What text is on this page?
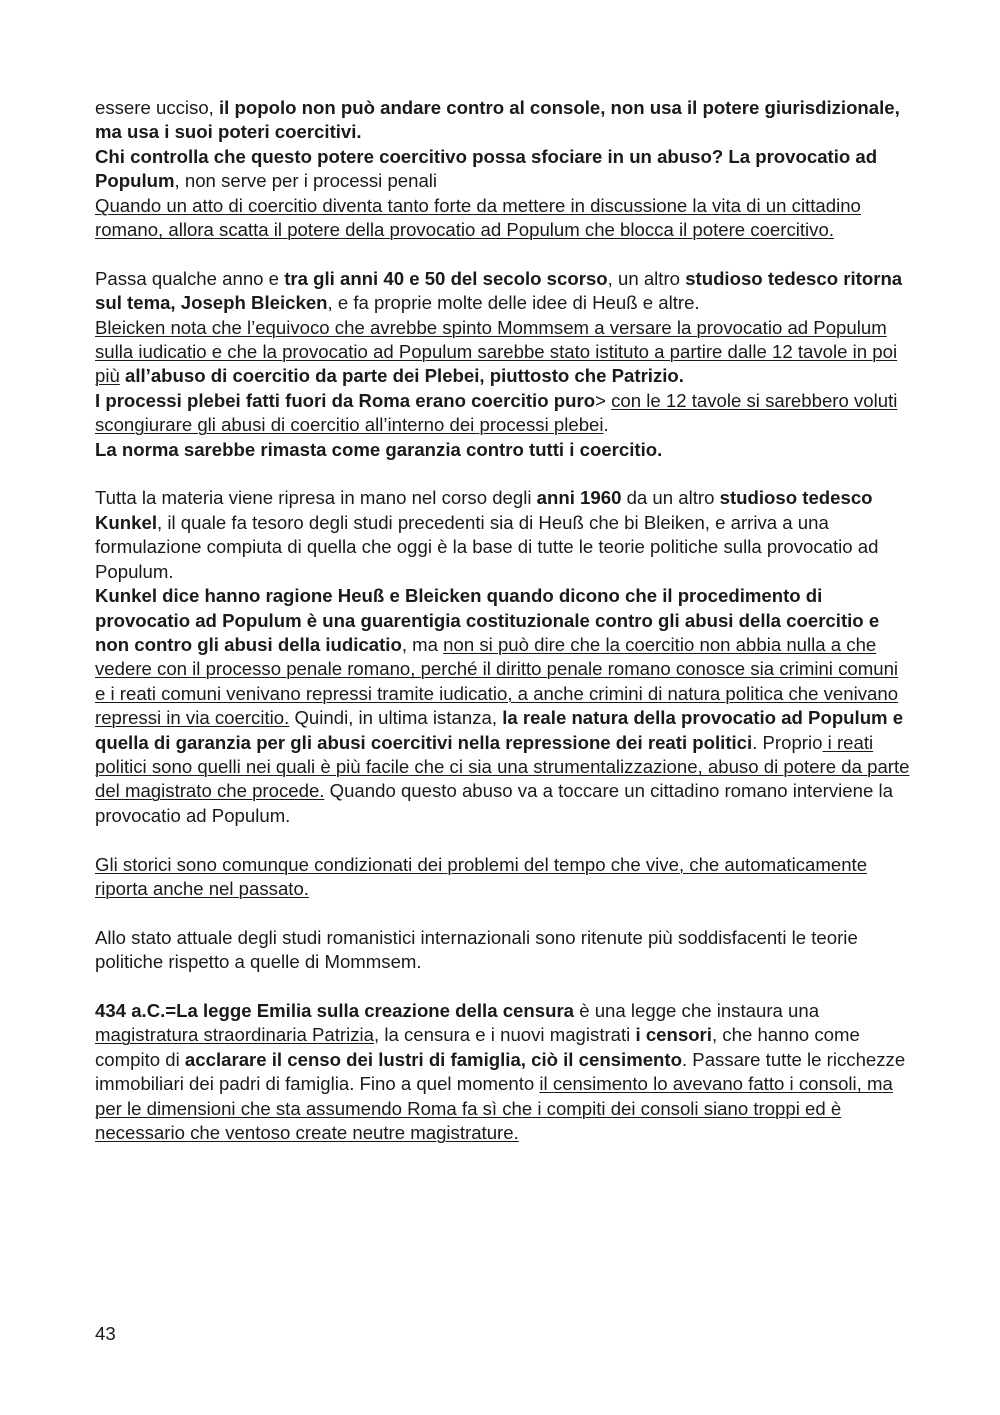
essere ucciso, il popolo non può andare contro al console, non usa il potere giurisdizionale, ma usa i suoi poteri coercitivi.
Chi controlla che questo potere coercitivo possa sfociare in un abuso? La provocatio ad Populum, non serve per i processi penali
Quando un atto di coercitio diventa tanto forte da mettere in discussione la vita di un cittadino romano, allora scatta il potere della provocatio ad Populum che blocca il potere coercitivo.
Passa qualche anno e tra gli anni 40 e 50 del secolo scorso, un altro studioso tedesco ritorna sul tema, Joseph Bleicken, e fa proprie molte delle idee di Heuß e altre.
Bleicken nota che l’equivoco che avrebbe spinto Mommsem a versare la provocatio ad Populum sulla iudicatio e che la provocatio ad Populum sarebbe stato istituto a partire dalle 12 tavole in poi più all’abuso di coercitio da parte dei Plebei, piuttosto che Patrizio.
I processi plebei fatti fuori da Roma erano coercitio puro> con le 12 tavole si sarebbero voluti scongiurare gli abusi di coercitio all’interno dei processi plebei.
La norma sarebbe rimasta come garanzia contro tutti i coercitio.
Tutta la materia viene ripresa in mano nel corso degli anni 1960 da un altro studioso tedesco Kunkel, il quale fa tesoro degli studi precedenti sia di Heuß che bi Bleiken, e arriva a una formulazione compiuta di quella che oggi è la base di tutte le teorie politiche sulla provocatio ad Populum.
Kunkel dice hanno ragione Heuß e Bleicken quando dicono che il procedimento di provocatio ad Populum è una guarentigia costituzionale contro gli abusi della coercitio e non contro gli abusi della iudicatio, ma non si può dire che la coercitio non abbia nulla a che vedere con il processo penale romano, perché il diritto penale romano conosce sia crimini comuni e i reati comuni venivano repressi tramite iudicatio, a anche crimini di natura politica che venivano repressi in via coercitio. Quindi, in ultima istanza, la reale natura della provocatio ad Populum e quella di garanzia per gli abusi coercitivi nella repressione dei reati politici. Proprio i reati politici sono quelli nei quali è più facile che ci sia una strumentalizzazione, abuso di potere da parte del magistrato che procede. Quando questo abuso va a toccare un cittadino romano interviene la provocatio ad Populum.
Gli storici sono comunque condizionati dei problemi del tempo che vive, che automaticamente riporta anche nel passato.
Allo stato attuale degli studi romanistici internazionali sono ritenute più soddisfacenti le teorie politiche rispetto a quelle di Mommsem.
434 a.C.=La legge Emilia sulla creazione della censura è una legge che instaura una magistratura straordinaria Patrizia, la censura e i nuovi magistrati i censori, che hanno come compito di acclarare il censo dei lustri di famiglia, ciò il censimento. Passare tutte le ricchezze immobiliari dei padri di famiglia. Fino a quel momento il censimento lo avevano fatto i consoli, ma per le dimensioni che sta assumendo Roma fa sì che i compiti dei consoli siano troppi ed è necessario che ventoso create neutre magistrature.
43
